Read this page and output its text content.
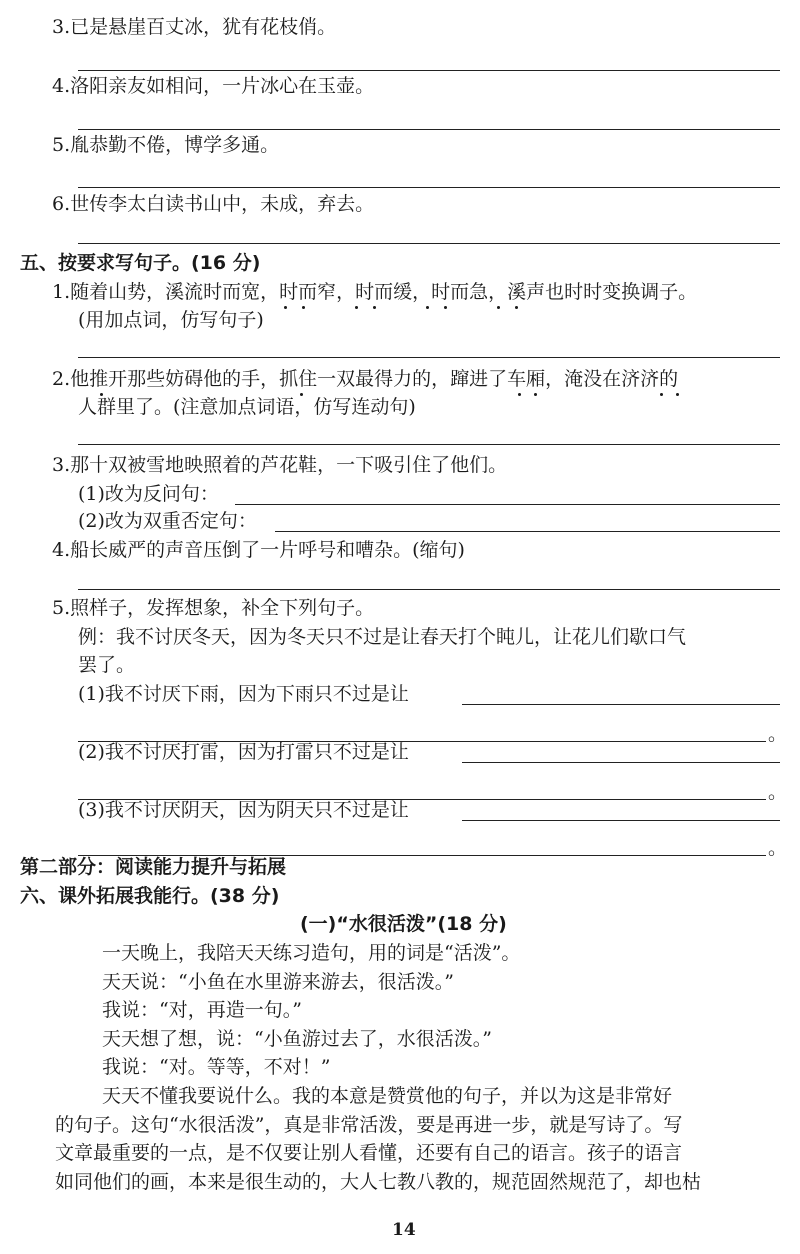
3.已是悬崖百丈冰，犹有花枝俏。
4.洛阳亲友如相问，一片冰心在玉壶。
5.胤恭勤不倦，博学多通。
6.世传李太白读书山中，未成，弃去。
五、按要求写句子。(16 分)
1.随着山势，溪流时而宽，时而窄，时而缓，时而急，溪声也时时变换调子。
(用加点词，仿写句子)
2.他推开那些妨碍他的手，抓住一双最得力的，蹿进了车厢，淹没在济济的
人群里了。(注意加点词语，仿写连动句)
3.那十双被雪地映照着的芦花鞋，一下吸引住了他们。
(1)改为反问句：
(2)改为双重否定句：
4.船长威严的声音压倒了一片呼号和嘈杂。(缩句)
5.照样子，发挥想象，补全下列句子。
例：我不讨厌冬天，因为冬天只不过是让春天打个盹儿，让花儿们歇口气
罢了。
(1)我不讨厌下雨，因为下雨只不过是让
。
(2)我不讨厌打雷，因为打雷只不过是让
。
(3)我不讨厌阴天，因为阴天只不过是让
。
第二部分：阅读能力提升与拓展
六、课外拓展我能行。(38 分)
(一)“水很活泼”(18 分)
一天晚上，我陪天天练习造句，用的词是“活泼”。
天天说：“小鱼在水里游来游去，很活泼。”
我说：“对，再造一句。”
天天想了想，说：“小鱼游过去了，水很活泼。”
我说：“对。等等，不对！”
天天不懂我要说什么。我的本意是赞赏他的句子，并以为这是非常好
的句子。这句“水很活泼”，真是非常活泼，要是再进一步，就是写诗了。写
文章最重要的一点，是不仅要让别人看懂，还要有自己的语言。孩子的语言
如同他们的画，本来是很生动的，大人七教八教的，规范固然规范了，却也枯
14
